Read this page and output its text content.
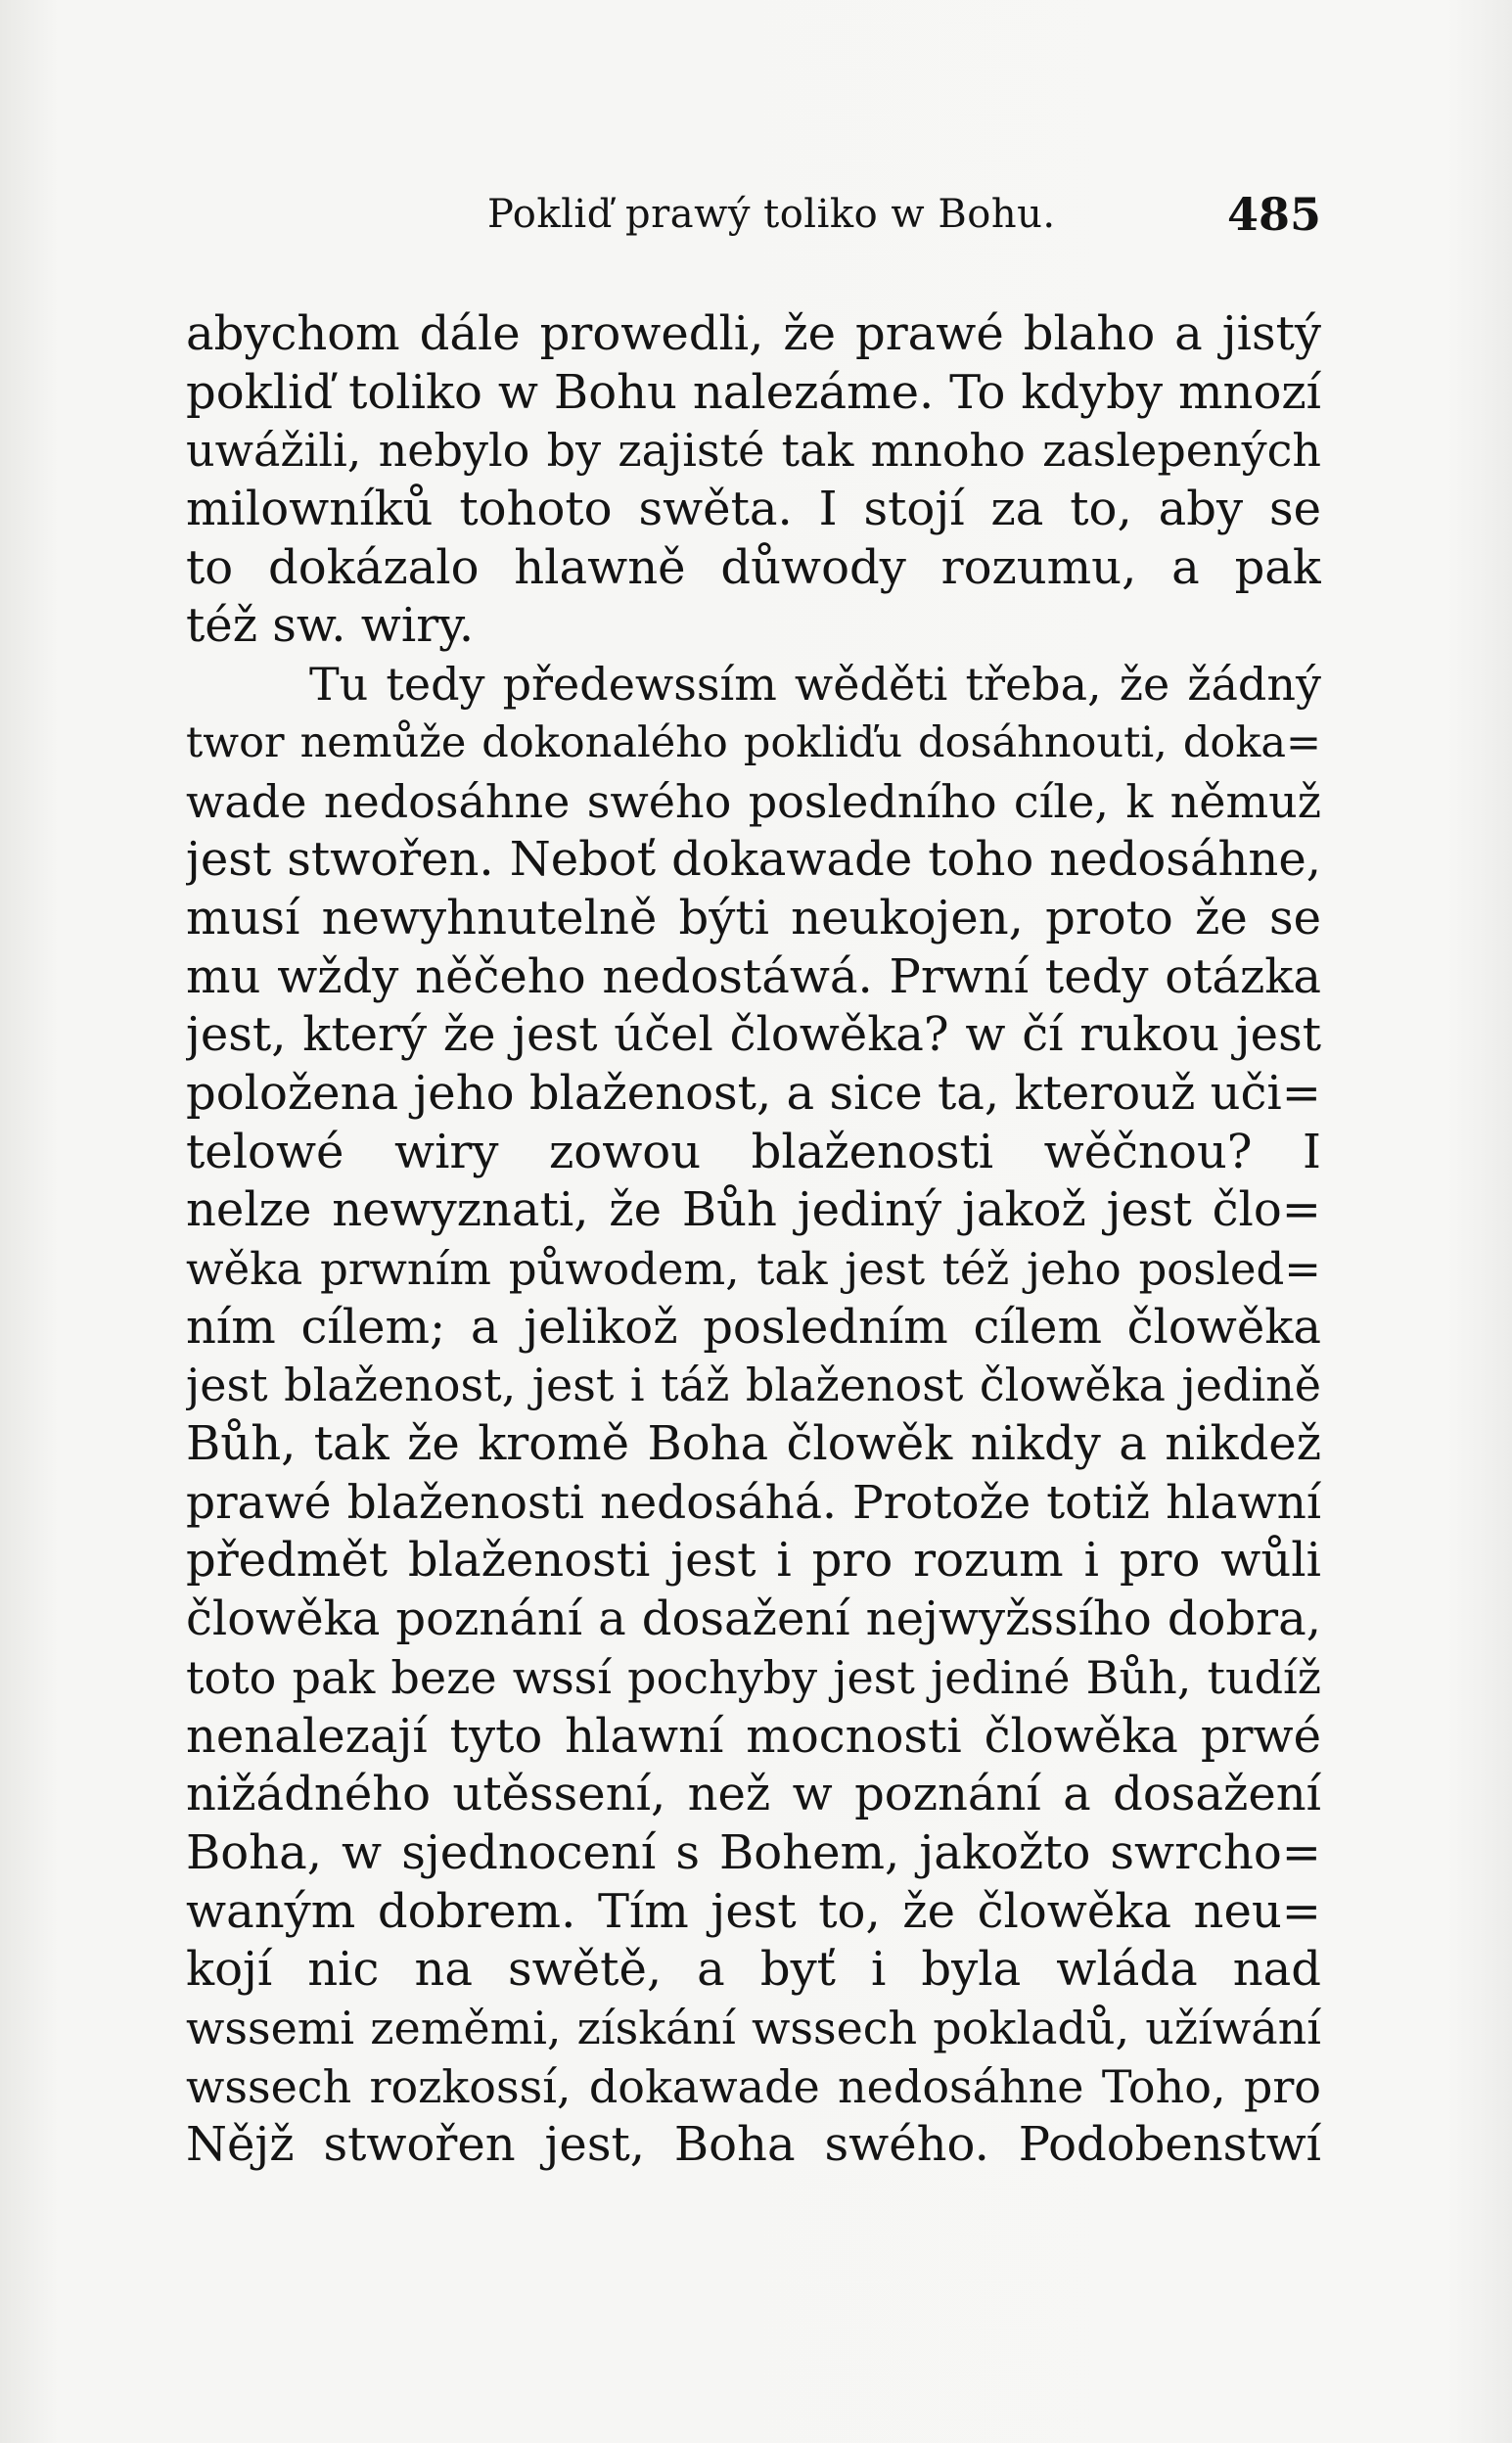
Pokliď prawý toliko w Bohu.	485
abychom dále prowedli, že prawé blaho a jistý
pokliď toliko w Bohu nalezáme. To kdyby mnozí
uwážili, nebylo by zajisté tak mnoho zaslepených
milowníků tohoto swěta. I stojí za to, aby se
to dokázalo hlawně důwody rozumu, a pak
též sw. wiry.
Tu tedy předewssím wěděti třeba, že žádný
twor nemůže dokonalého pokliďu dosáhnouti, doka=
wade nedosáhne swého posledního cíle, k němuž
jest stwořen. Neboť dokawade toho nedosáhne,
musí newyhnutelně býti neukojen, proto že se
mu wždy něčeho nedostáwá. Prwní tedy otázka
jest, který že jest účel člowěka? w čí rukou jest
položena jeho blaženost, a sice ta, kterouž uči=
telowé wiry zowou blaženosti wěčnou? I
nelze newyznati, že Bůh jediný jakož jest člo=
wěka prwním půwodem, tak jest též jeho posled=
ním cílem; a jelikož posledním cílem člowěka
jest blaženost, jest i táž blaženost člowěka jedině
Bůh, tak že kromě Boha člowěk nikdy a nikdež
prawé blaženosti nedosáhá. Protože totiž hlawní
předmět blaženosti jest i pro rozum i pro wůli
člowěka poznání a dosažení nejwyžssího dobra,
toto pak beze wssí pochyby jest jediné Bůh, tudíž
nenalezají tyto hlawní mocnosti člowěka prwé
nižádného utěssení, než w poznání a dosažení
Boha, w sjednocení s Bohem, jakožto swrcho=
waným dobrem. Tím jest to, že člowěka neu=
kojí nic na swětě, a byť i byla wláda nad
wssemi zeměmi, získání wssech pokladů, užíwání
wssech rozkossí, dokawade nedosáhne Toho, pro
Nějž stwořen jest, Boha swého. Podobenstwí
